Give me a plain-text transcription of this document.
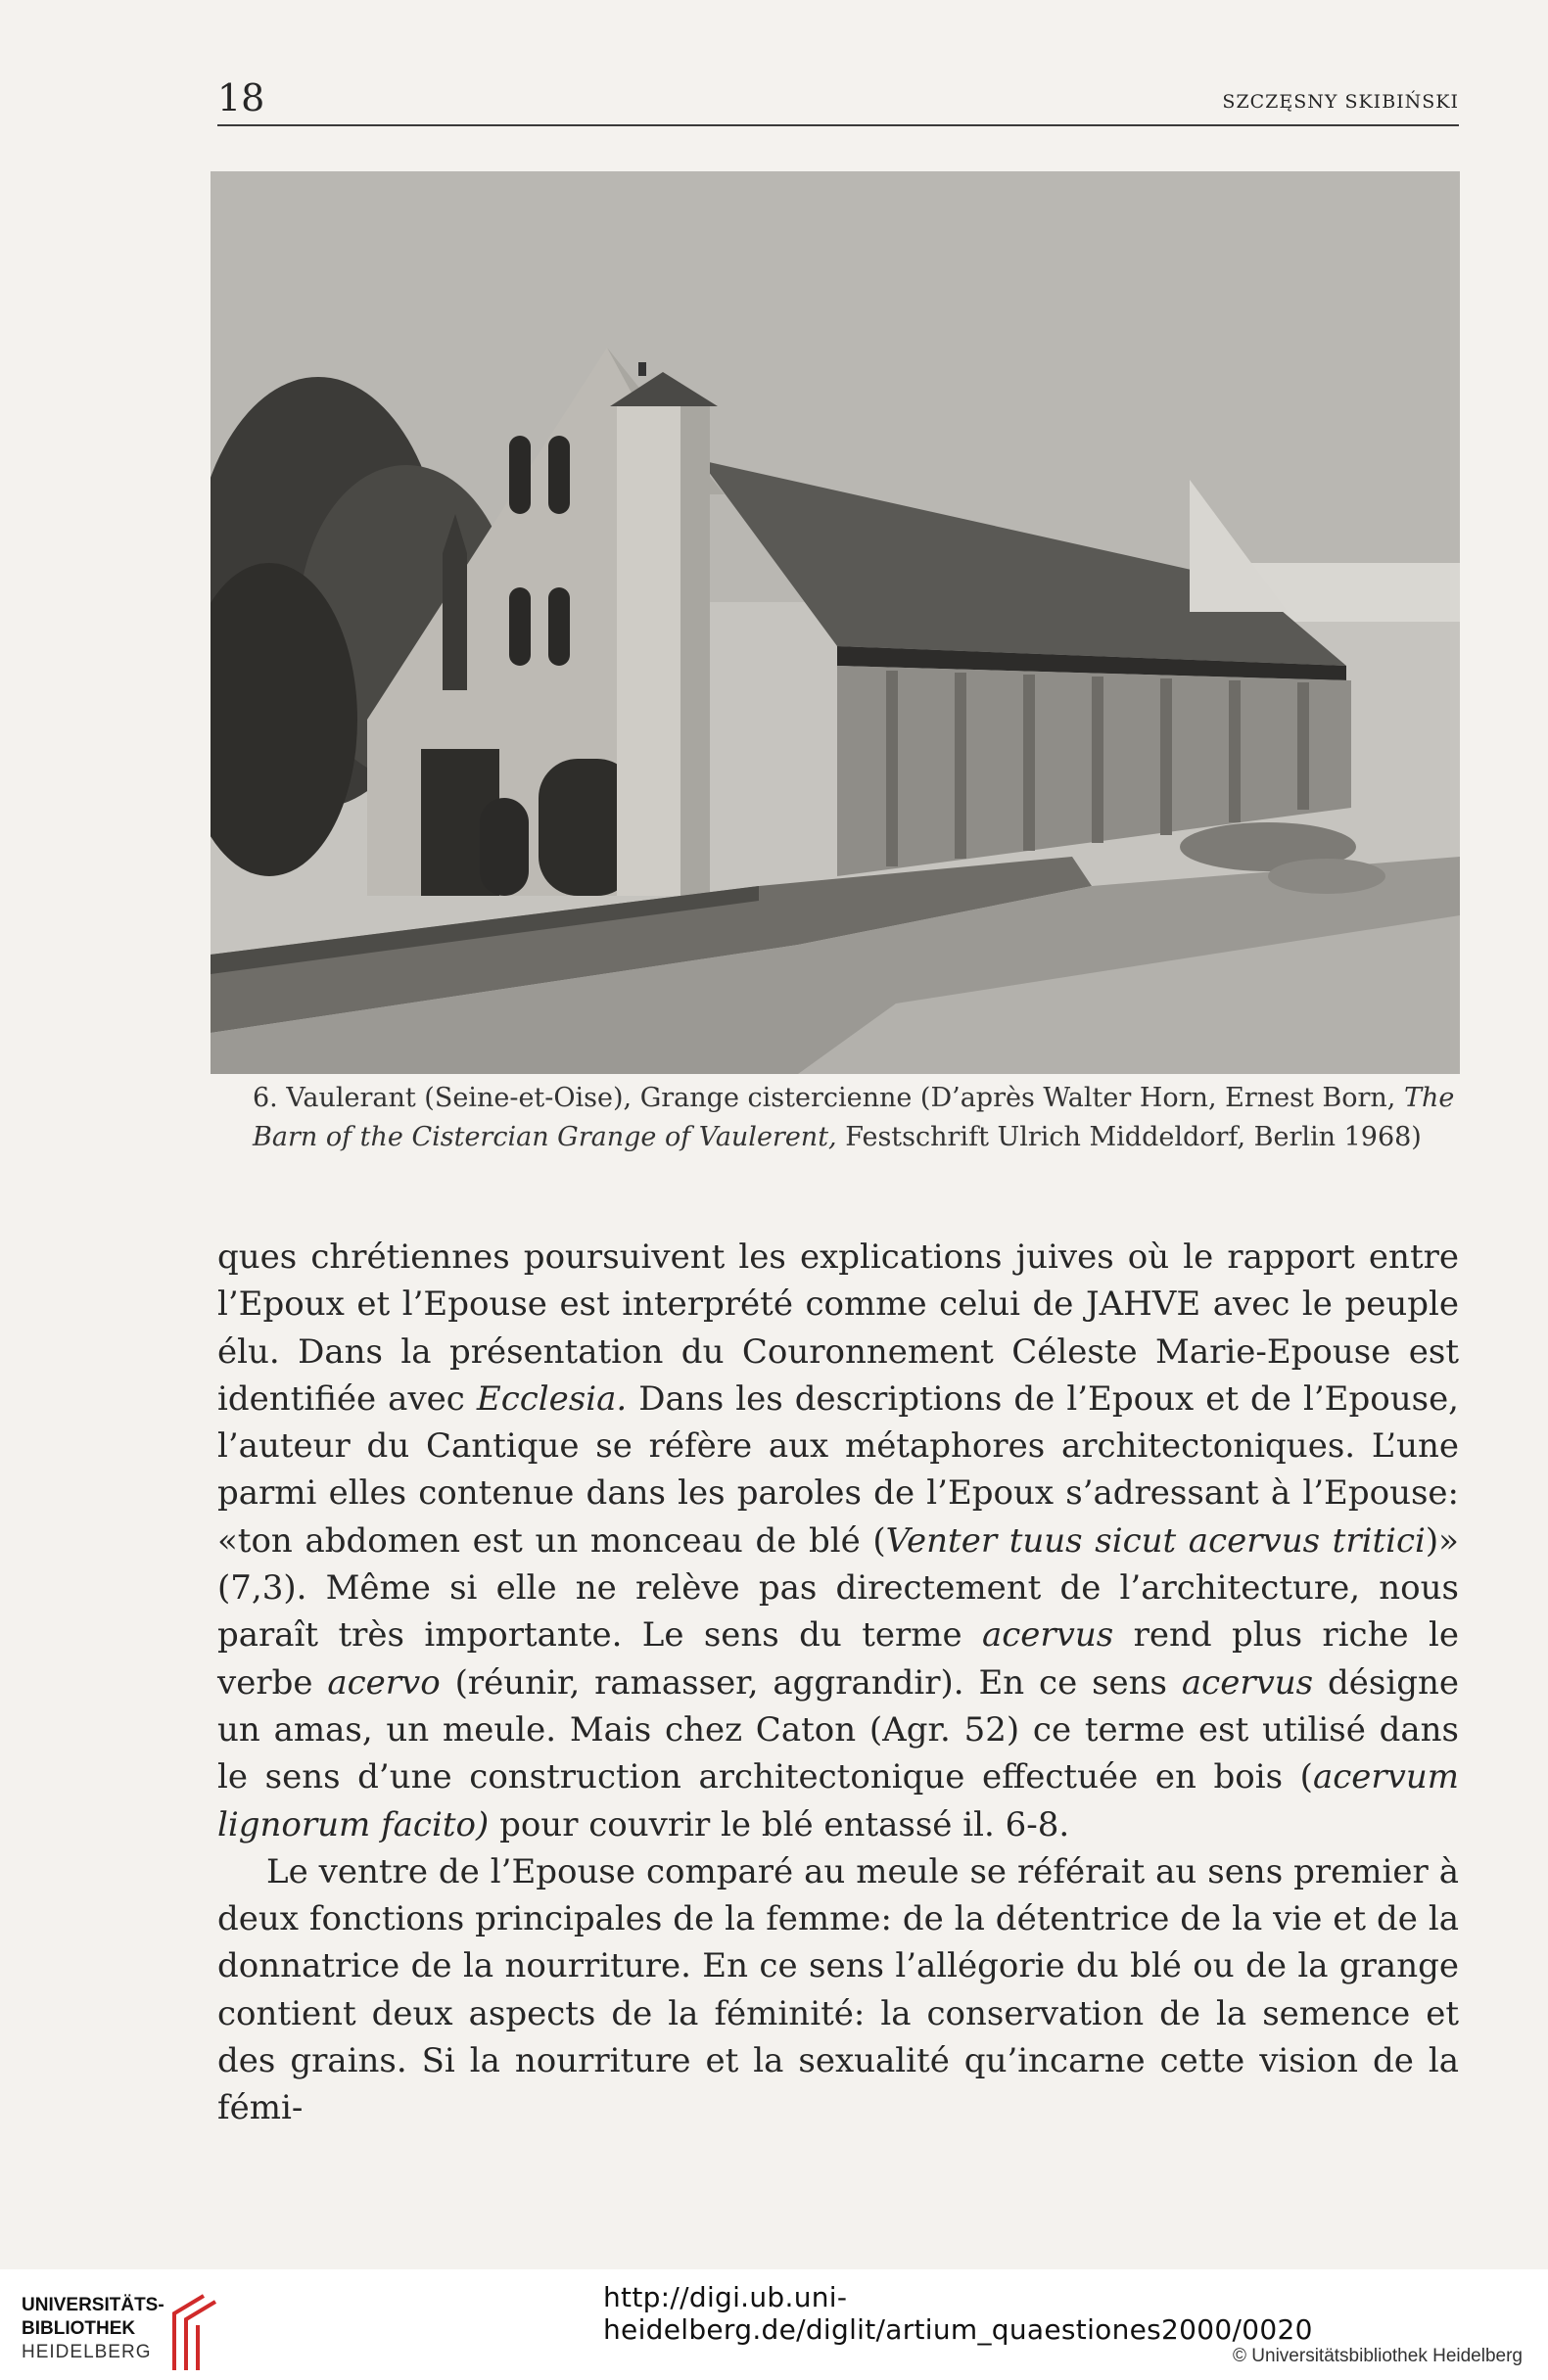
18	SZCZĘSNY SKIBIŃSKI
6. Vaulerant (Seine-et-Oise), Grange cistercienne (D’après Walter Horn, Ernest Born, The Barn of the Cistercian Grange of Vaulerent, Festschrift Ulrich Middeldorf, Berlin 1968)

ques chrétiennes poursuivent les explications juives où le rapport entre l’Epoux et l’Epouse est interprété comme celui de JAHVE avec le peuple élu. Dans la présentation du Couronnement Céleste Marie-Epouse est identifiée avec Ecclesia. Dans les descriptions de l’Epoux et de l’Epouse, l’auteur du Cantique se réfère aux métaphores architectoniques. L’une parmi elles contenue dans les paroles de l’Epoux s’adressant à l’Epouse: «ton abdomen est un monceau de blé (Venter tuus sicut acervus tritici)» (7,3). Même si elle ne relève pas directement de l’architecture, nous paraît très importante. Le sens du terme acervus rend plus riche le verbe acervo (réunir, ramasser, aggrandir). En ce sens acervus désigne un amas, un meule. Mais chez Caton (Agr. 52) ce terme est utilisé dans le sens d’une construction architectonique effectuée en bois (acervum lignorum facito) pour couvrir le blé entassé il. 6-8.

Le ventre de l’Epouse comparé au meule se référait au sens premier à deux fonctions principales de la femme: de la détentrice de la vie et de la donnatrice de la nourriture. En ce sens l’allégorie du blé ou de la grange contient deux aspects de la féminité: la conservation de la semence et des grains. Si la nourriture et la sexualité qu’incarne cette vision de la fémi-

UNIVERSITÄTS-
BIBLIOTHEK
HEIDELBERG
http://digi.ub.uni-heidelberg.de/diglit/artium_quaestiones2000/0020
© Universitätsbibliothek Heidelberg
